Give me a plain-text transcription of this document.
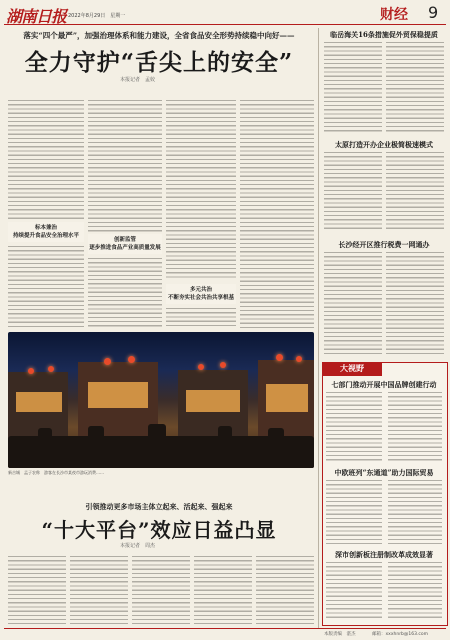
湖南日报 2022年8月29日　星期一	财经 9
落实“四个最严”，加强治理体系和能力建设，全省食品安全形势持续稳中向好——
全力守护“舌尖上的安全”
本报记者　孟姣
标本兼治
持续提升食品安全治理水平
创新监管
逐步推进食品产业高质量发展
多元共治
不断夯实社会共治共享根基
新吉城　孟子农称　游客在长沙市某夜市游玩消费……
引领推动更多市场主体立起来、活起来、强起来
“十大平台”效应日益凸显
本报记者　周杰
临岳海关16条措施促外贸保稳提质
太原打造开办企业极简极速模式
长沙经开区推行税费一网通办
大视野
七部门推动开展中国品牌创建行动
中欧班列“东通道”助力国际贸易
深市创新板注册制改革成效显著
本版责编　湛杰	邮箱：xxxhnrb@163.com
